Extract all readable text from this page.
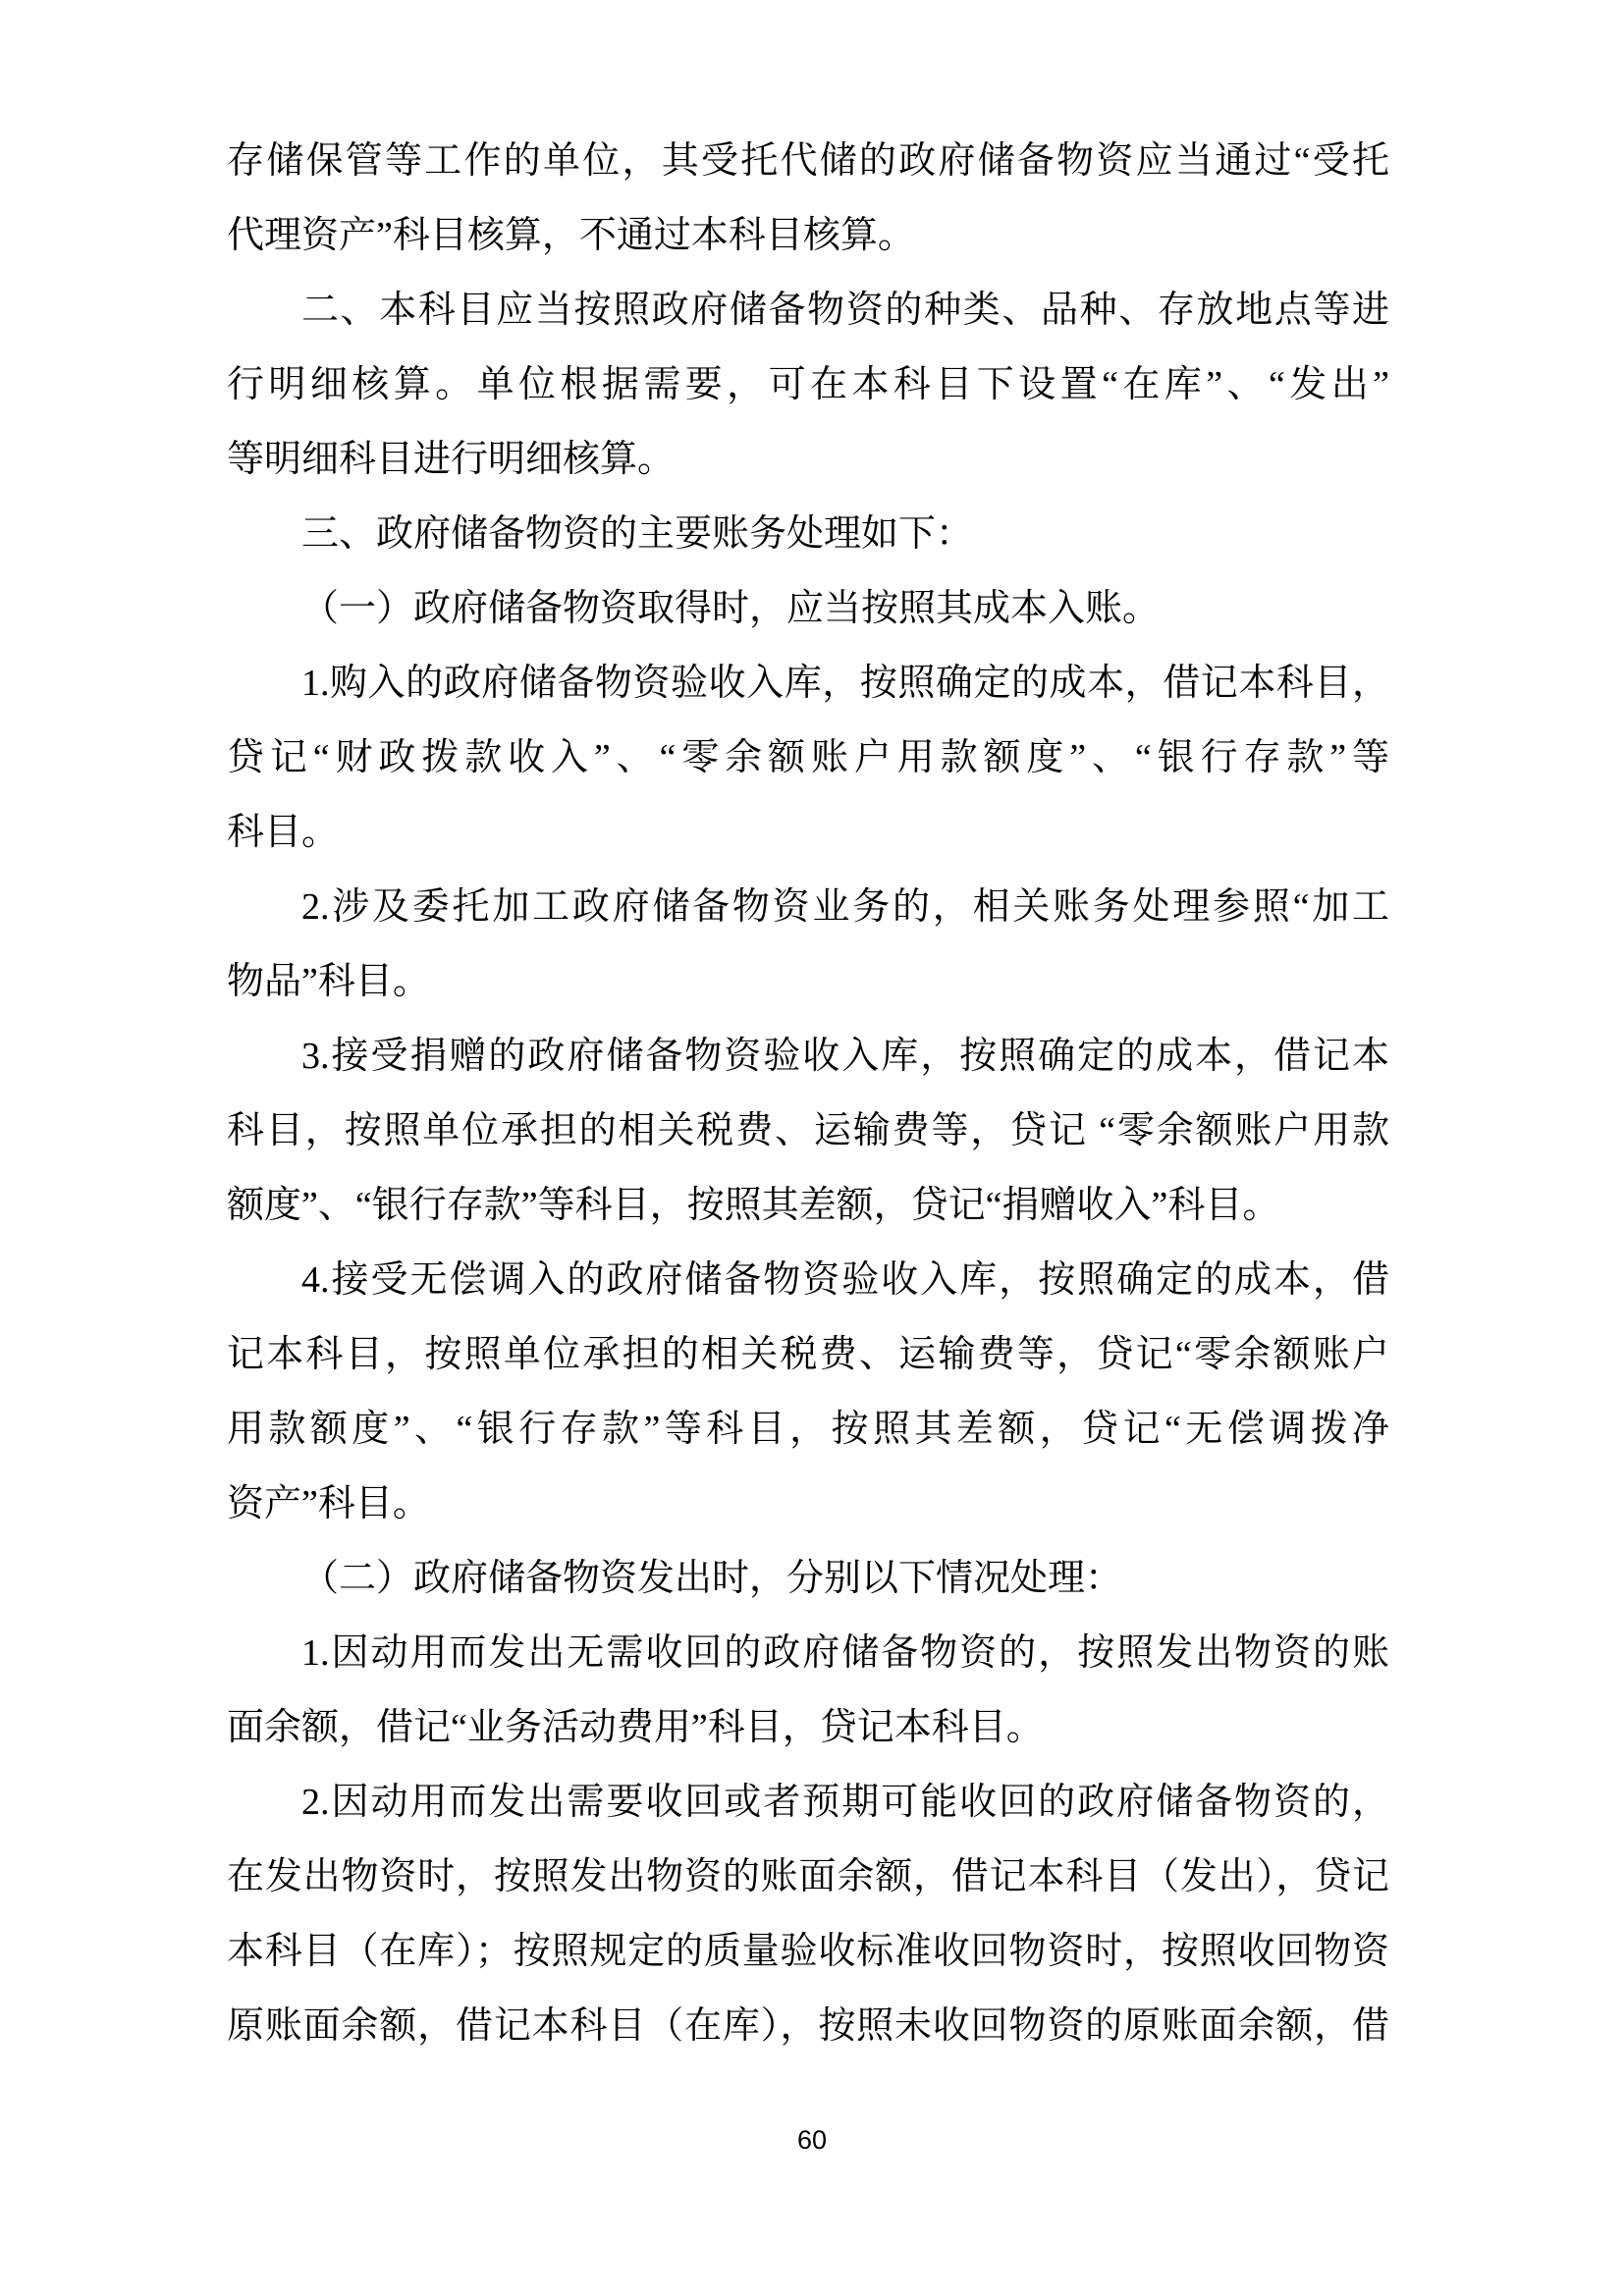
存储保管等工作的单位，其受托代储的政府储备物资应当通过“受托
代理资产”科目核算，不通过本科目核算。
二、本科目应当按照政府储备物资的种类、品种、存放地点等进
行明细核算。单位根据需要，可在本科目下设置“在库”、“发出”
等明细科目进行明细核算。
三、政府储备物资的主要账务处理如下：
（一）政府储备物资取得时，应当按照其成本入账。
1.购入的政府储备物资验收入库，按照确定的成本，借记本科目，
贷记“财政拨款收入”、“零余额账户用款额度”、“银行存款”等
科目。
2.涉及委托加工政府储备物资业务的，相关账务处理参照“加工
物品”科目。
3.接受捐赠的政府储备物资验收入库，按照确定的成本，借记本
科目，按照单位承担的相关税费、运输费等，贷记 “零余额账户用款
额度”、“银行存款”等科目，按照其差额，贷记“捐赠收入”科目。
4.接受无偿调入的政府储备物资验收入库，按照确定的成本，借
记本科目，按照单位承担的相关税费、运输费等，贷记“零余额账户
用款额度”、“银行存款”等科目，按照其差额，贷记“无偿调拨净
资产”科目。
（二）政府储备物资发出时，分别以下情况处理：
1.因动用而发出无需收回的政府储备物资的，按照发出物资的账
面余额，借记“业务活动费用”科目，贷记本科目。
2.因动用而发出需要收回或者预期可能收回的政府储备物资的，
在发出物资时，按照发出物资的账面余额，借记本科目（发出），贷记
本科目（在库）；按照规定的质量验收标准收回物资时，按照收回物资
原账面余额，借记本科目（在库），按照未收回物资的原账面余额，借
60
